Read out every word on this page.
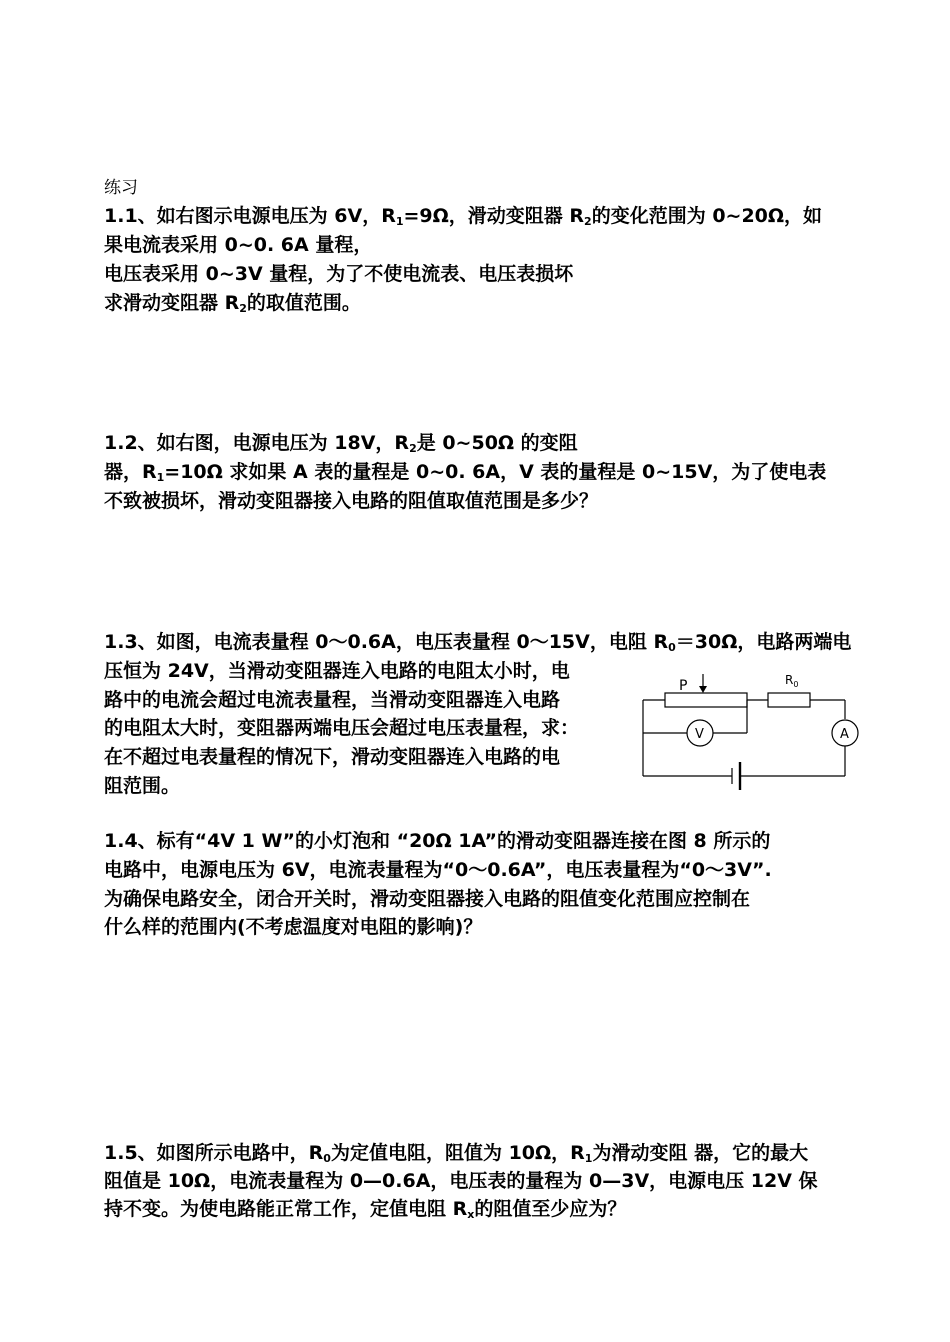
练习
1.1、如右图示电源电压为 6V，$R_1=9\Omega$，滑动变阻器 $R_2$的变化范围为 0~20Ω，如
果电流表采用 0~0. 6A 量程，
电压表采用 0~3V 量程，为了不使电流表、电压表损坏
求滑动变阻器 $R_2$的取值范围。
1.2、如右图，电源电压为 18V，$R_2$是 0~50Ω 的变阻
器，$R_1=10\Omega$ 求如果 A 表的量程是 0~0. 6A，V 表的量程是 0~15V，为了使电表
不致被损坏，滑动变阻器接入电路的阻值取值范围是多少？
1.3、如图，电流表量程 0～0.6A，电压表量程 0～15V，电阻 $R_0=30\Omega$，电路两端电
压恒为 24V，当滑动变阻器连入电路的电阻太小时，电
路中的电流会超过电流表量程，当滑动变阻器连入电路
的电阻太大时，变阻器两端电压会超过电压表量程，求：
在不超过电表量程的情况下，滑动变阻器连入电路的电
阻范围。
P	$R_0$
V	A
1.4、标有“4V 1 W”的小灯泡和 “20Ω 1A”的滑动变阻器连接在图 8 所示的
电路中，电源电压为 6V，电流表量程为“0～0.6A”，电压表量程为“0～3V”.
为确保电路安全，闭合开关时，滑动变阻器接入电路的阻值变化范围应控制在
什么样的范围内(不考虑温度对电阻的影响)？
1.5、如图所示电路中，$R_0$为定值电阻，阻值为 10Ω，$R_1$为滑动变阻 器，它的最大
阻值是 10Ω，电流表量程为 0—0.6A，电压表的量程为 0—3V，电源电压 12V 保
持不变。为使电路能正常工作，定值电阻 $R_x$的阻值至少应为？
